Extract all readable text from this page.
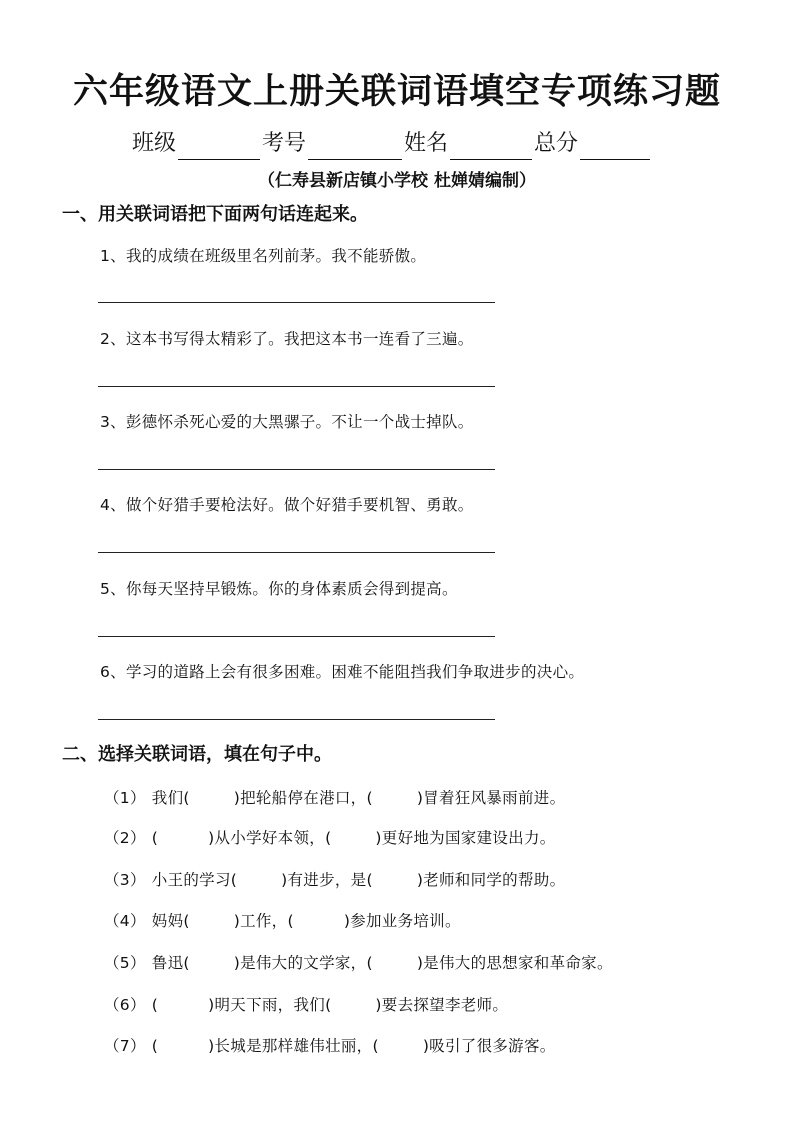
六年级语文上册关联词语填空专项练习题
班级	考号	姓名	总分
（仁寿县新店镇小学校 杜婵婧编制）
一、用关联词语把下面两句话连起来。
1、我的成绩在班级里名列前茅。我不能骄傲。
2、这本书写得太精彩了。我把这本书一连看了三遍。
3、彭德怀杀死心爱的大黑骡子。不让一个战士掉队。
4、做个好猎手要枪法好。做个好猎手要机智、勇敢。
5、你每天坚持早锻炼。你的身体素质会得到提高。
6、学习的道路上会有很多困难。困难不能阻挡我们争取进步的决心。
二、选择关联词语，填在句子中。
（1） 我们(	)把轮船停在港口，(	)冒着狂风暴雨前进。
（2） (	)从小学好本领，(	)更好地为国家建设出力。
（3） 小王的学习(	)有进步，是(	)老师和同学的帮助。
（4） 妈妈(	)工作，(	)参加业务培训。
（5） 鲁迅(	)是伟大的文学家，(	)是伟大的思想家和革命家。
（6） (	)明天下雨，我们(	)要去探望李老师。
（7） (	)长城是那样雄伟壮丽，(	)吸引了很多游客。
